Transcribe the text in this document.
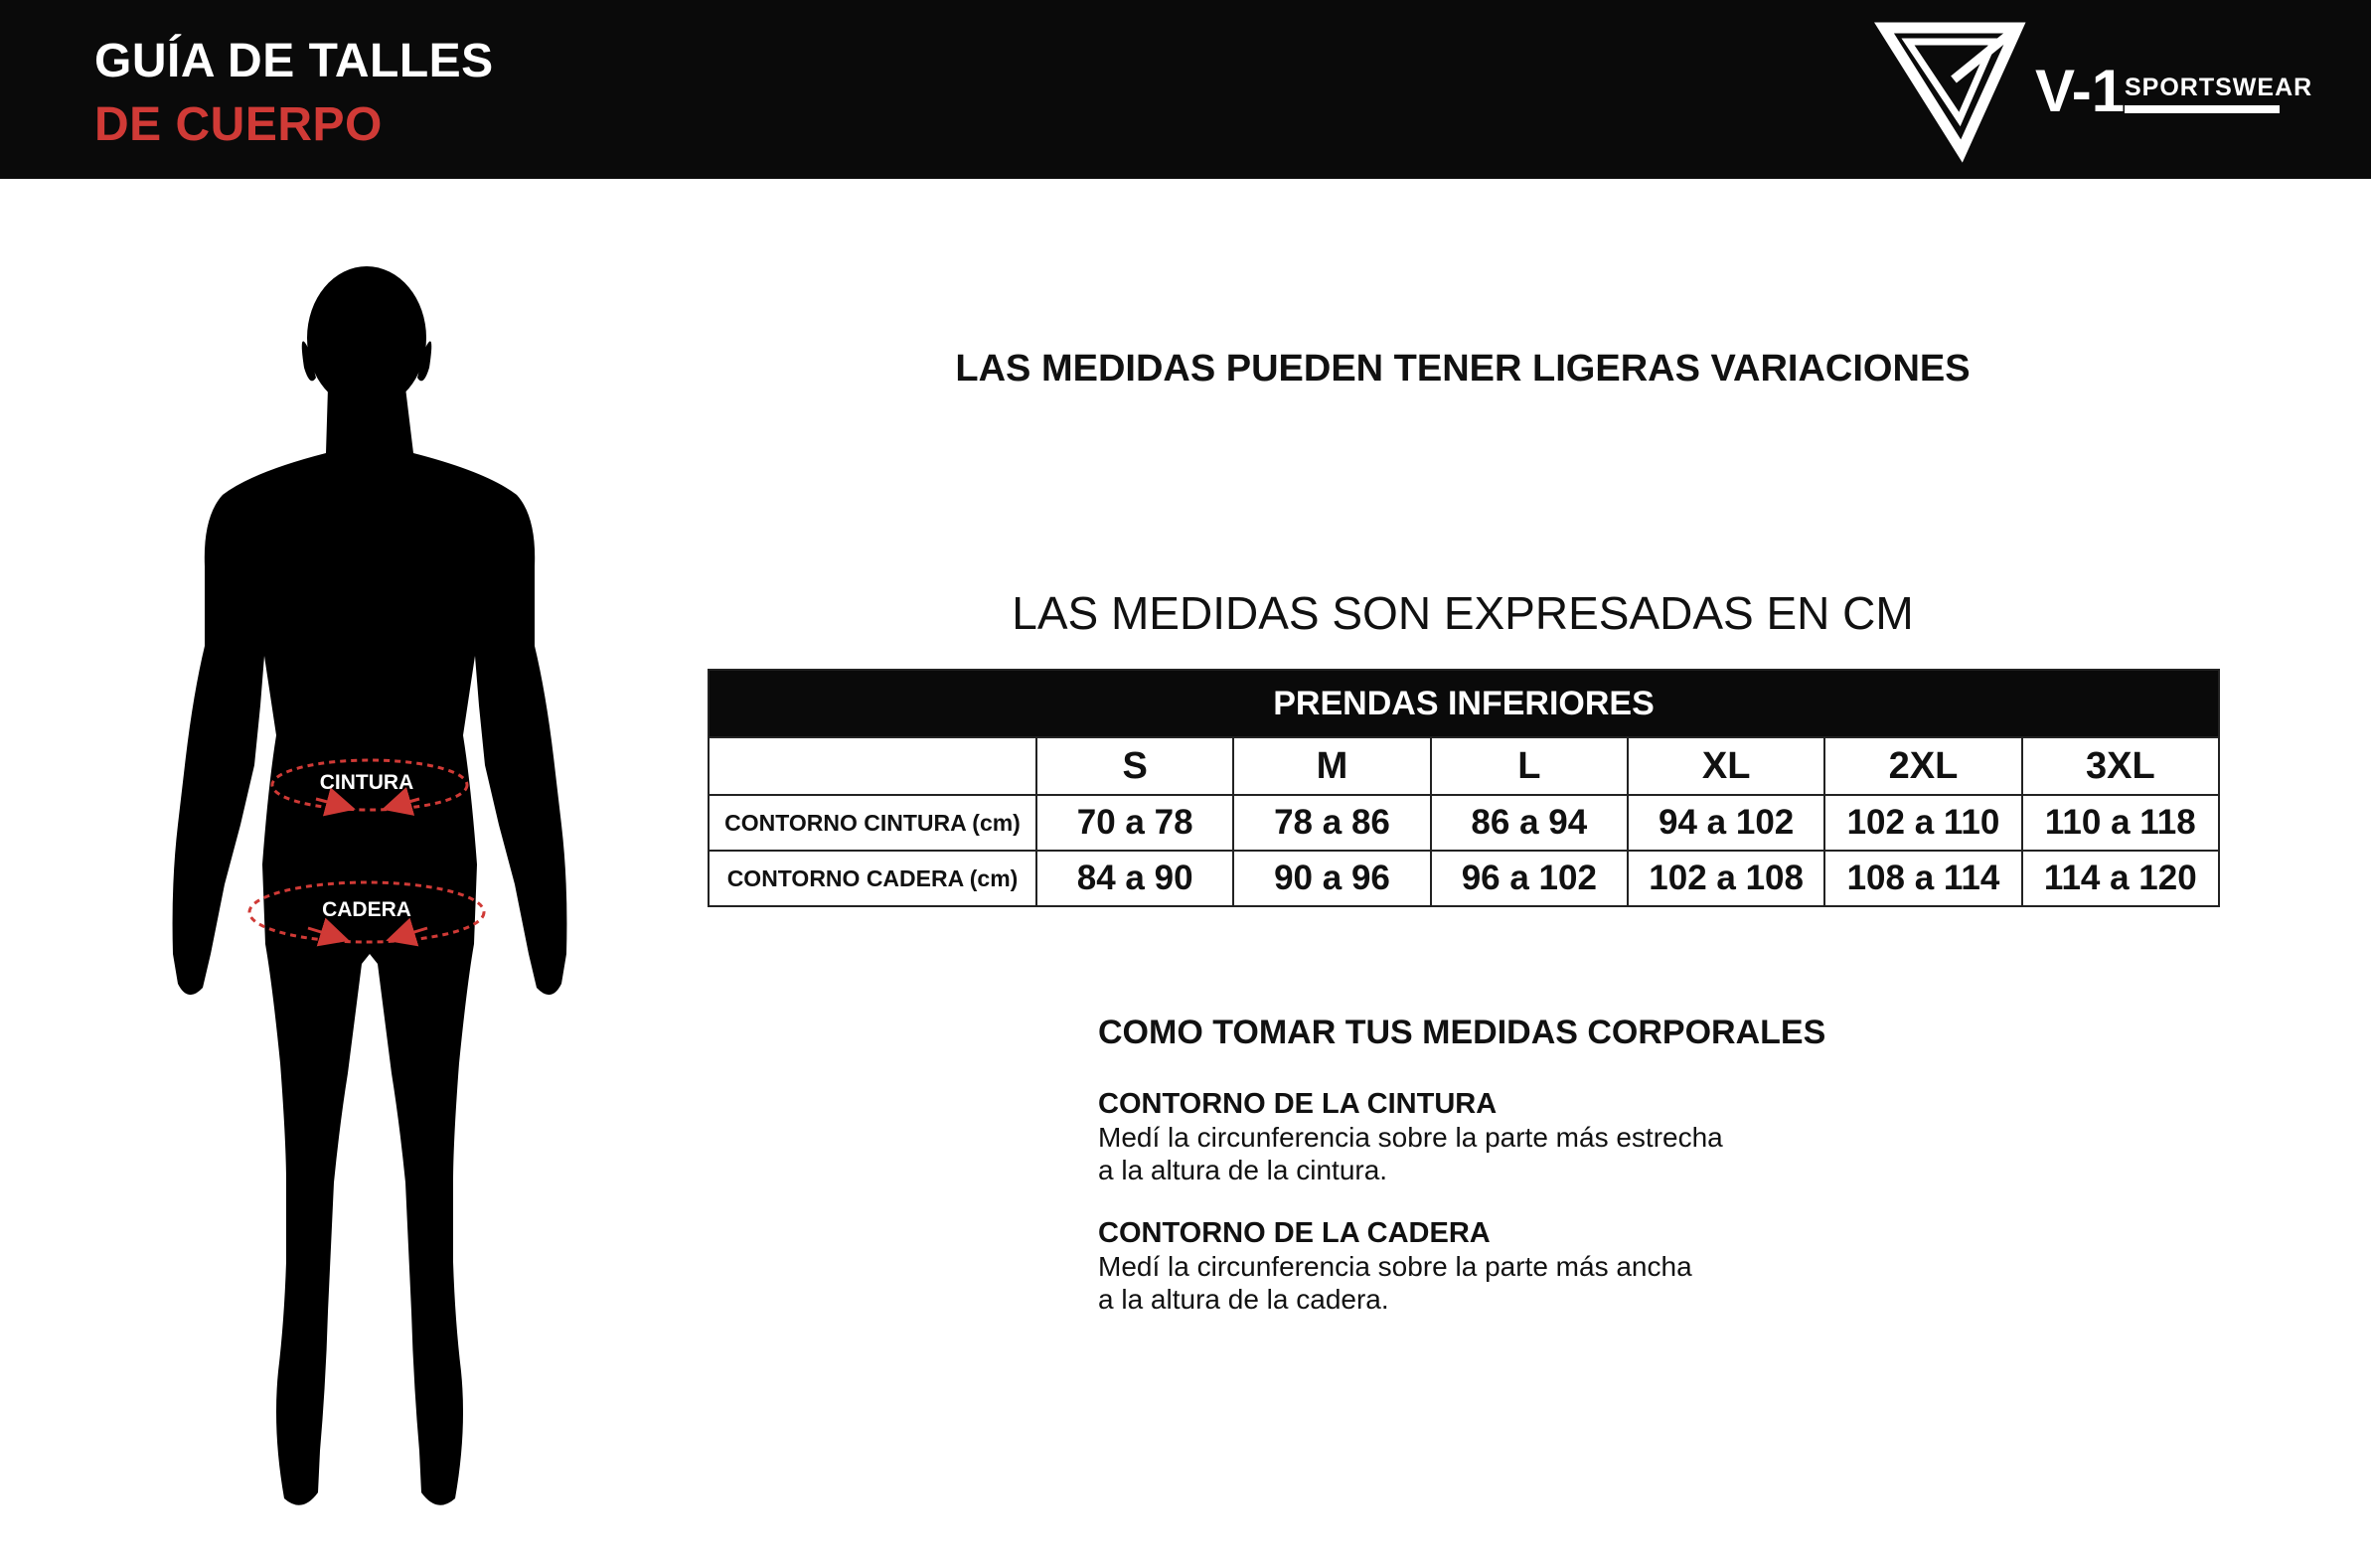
GUÍA DE TALLES
DE CUERPO
V-1 SPORTSWEAR
CINTURA
CADERA
LAS MEDIDAS PUEDEN TENER LIGERAS VARIACIONES
LAS MEDIDAS SON EXPRESADAS EN CM
PRENDAS INFERIORES						
	S	M	L	XL	2XL	3XL
CONTORNO CINTURA (cm)	70 a 78	78 a 86	86 a 94	94 a 102	102 a 110	110 a 118
CONTORNO CADERA (cm)	84 a 90	90 a 96	96 a 102	102 a 108	108 a 114	114 a 120
COMO TOMAR TUS MEDIDAS CORPORALES
CONTORNO DE LA CINTURA
Medí la circunferencia sobre la parte más estrecha
a la altura de la cintura.
CONTORNO DE LA CADERA
Medí la circunferencia sobre la parte más ancha
a la altura de la cadera.
